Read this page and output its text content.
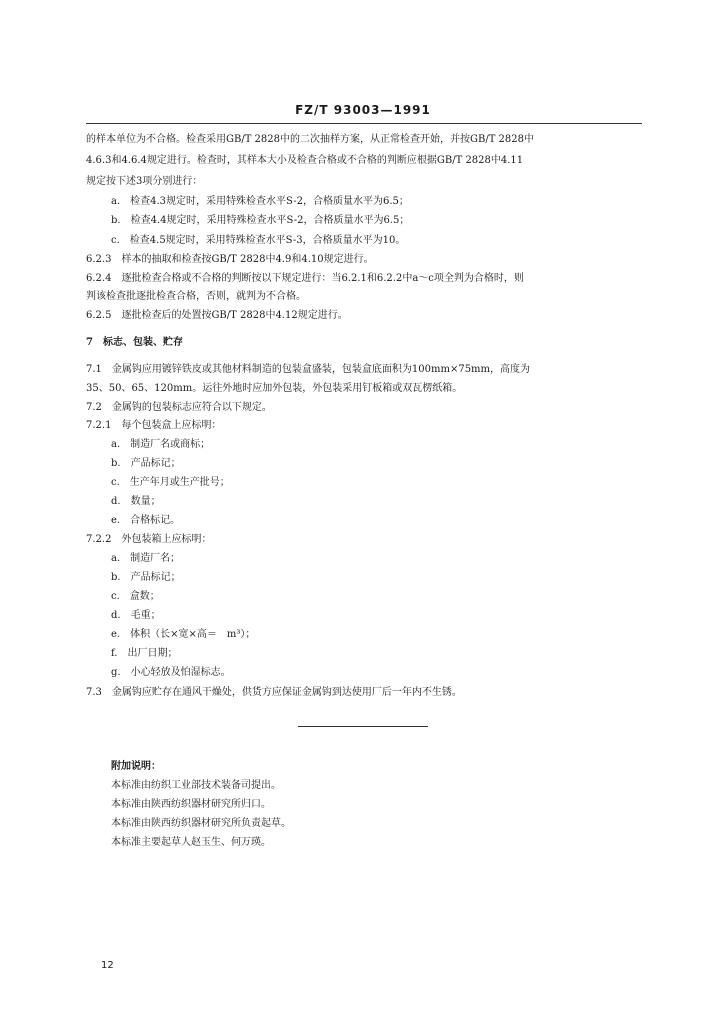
FZ/T 93003—1991
的样本单位为不合格。检查采用GB/T 2828中的二次抽样方案，从正常检查开始，并按GB/T 2828中
4.6.3和4.6.4规定进行。检查时，其样本大小及检查合格或不合格的判断应根据GB/T 2828中4.11
规定按下述3项分别进行：
a.　检查4.3规定时，采用特殊检查水平S-2，合格质量水平为6.5；
b.　检查4.4规定时，采用特殊检查水平S-2，合格质量水平为6.5；
c.　检查4.5规定时，采用特殊检查水平S-3，合格质量水平为10。
6.2.3　样本的抽取和检查按GB/T 2828中4.9和4.10规定进行。
6.2.4　逐批检查合格或不合格的判断按以下规定进行：当6.2.1和6.2.2中a～c项全判为合格时，则
判该检查批逐批检查合格，否则，就判为不合格。
6.2.5　逐批检查后的处置按GB/T 2828中4.12规定进行。
7　标志、包装、贮存
7.1　金属钩应用镀锌铁皮或其他材料制造的包装盒盛装，包装盒底面积为100mm×75mm，高度为
35、50、65、120mm。运往外地时应加外包装，外包装采用钉板箱或双瓦楞纸箱。
7.2　金属钩的包装标志应符合以下规定。
7.2.1　每个包装盒上应标明：
a.　制造厂名或商标；
b.　产品标记；
c.　生产年月或生产批号；
d.　数量；
e.　合格标记。
7.2.2　外包装箱上应标明：
a.　制造厂名；
b.　产品标记；
c.　盒数；
d.　毛重；
e.　体积（长×宽×高＝　m³）；
f.　出厂日期；
g.　小心轻放及怕湿标志。
7.3　金属钩应贮存在通风干燥处，供货方应保证金属钩到达使用厂后一年内不生锈。
附加说明：
本标准由纺织工业部技术装备司提出。
本标准由陕西纺织器材研究所归口。
本标准由陕西纺织器材研究所负责起草。
本标准主要起草人赵玉生、何万瑛。
12
